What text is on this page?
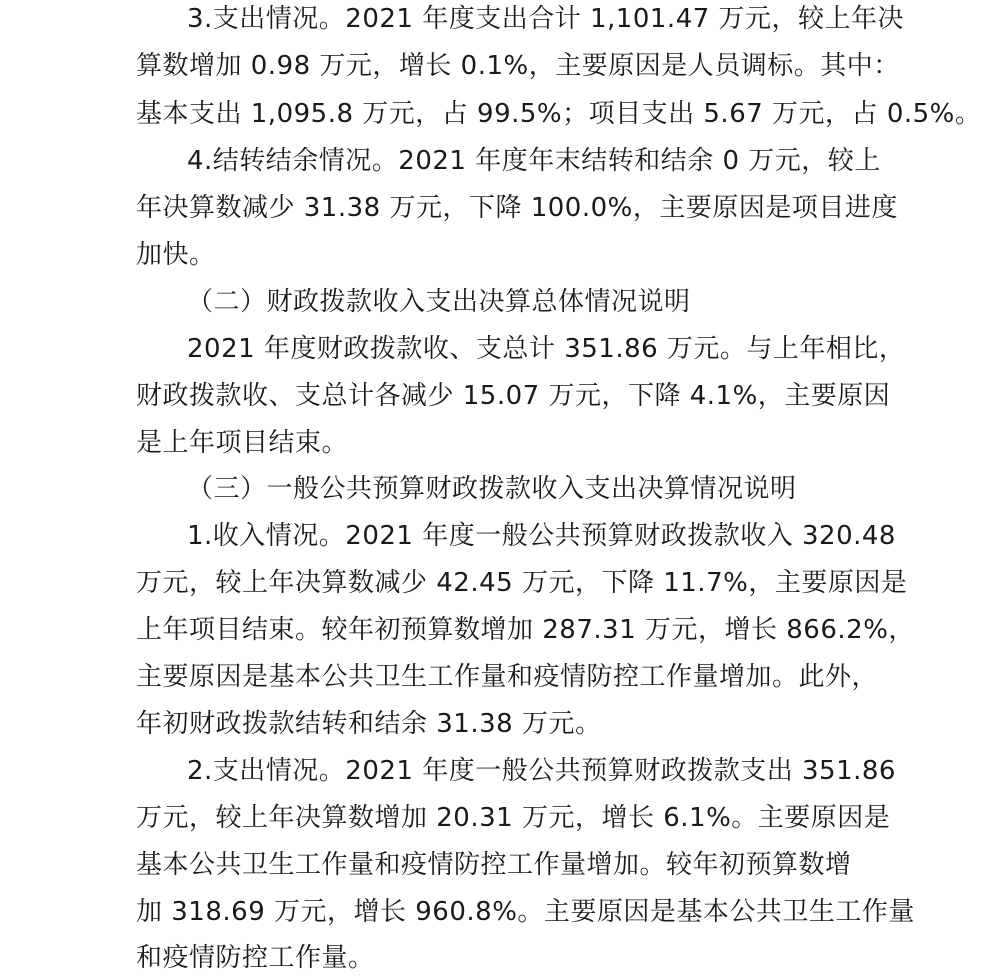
3.支出情况。2021 年度支出合计 1,101.47 万元，较上年决
算数增加 0.98 万元，增长 0.1%，主要原因是人员调标。其中：
基本支出 1,095.8 万元，占 99.5%；项目支出 5.67 万元，占 0.5%。
4.结转结余情况。2021 年度年末结转和结余 0 万元，较上
年决算数减少 31.38 万元，下降 100.0%，主要原因是项目进度
加快。
（二）财政拨款收入支出决算总体情况说明
2021 年度财政拨款收、支总计 351.86 万元。与上年相比，
财政拨款收、支总计各减少 15.07 万元，下降 4.1%，主要原因
是上年项目结束。
（三）一般公共预算财政拨款收入支出决算情况说明
1.收入情况。2021 年度一般公共预算财政拨款收入 320.48
万元，较上年决算数减少 42.45 万元，下降 11.7%，主要原因是
上年项目结束。较年初预算数增加 287.31 万元，增长 866.2%，
主要原因是基本公共卫生工作量和疫情防控工作量增加。此外，
年初财政拨款结转和结余 31.38 万元。
2.支出情况。2021 年度一般公共预算财政拨款支出 351.86
万元，较上年决算数增加 20.31 万元，增长 6.1%。主要原因是
基本公共卫生工作量和疫情防控工作量增加。较年初预算数增
加 318.69 万元，增长 960.8%。主要原因是基本公共卫生工作量
和疫情防控工作量。
